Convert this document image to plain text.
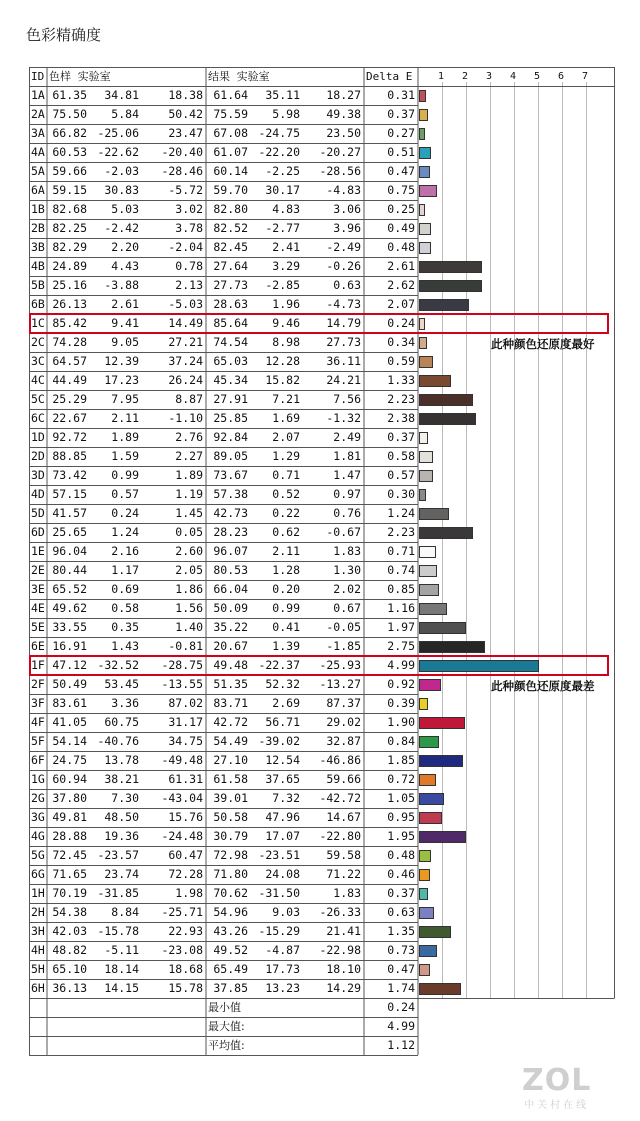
色彩精确度
ID 色样 实验室	结果 实验室	Delta E	1	2	3	4	5	6	7
1A 61.35	34.81	18.38 61.64	35.11	18.27	0.31
2A 75.50	5.84	50.42 75.59	5.98	49.38	0.37
3A 66.82 -25.06	23.47 67.08 -24.75	23.50	0.27
4A 60.53 -22.62	-20.40 61.07 -22.20	-20.27	0.51
5A 59.66	-2.03	-28.46 60.14	-2.25	-28.56	0.47
6A 59.15	30.83	-5.72 59.70	30.17	-4.83	0.75
1B 82.68	5.03	3.02 82.80	4.83	3.06	0.25
2B 82.25	-2.42	3.78 82.52	-2.77	3.96	0.49
3B 82.29	2.20	-2.04 82.45	2.41	-2.49	0.48
4B 24.89	4.43	0.78 27.64	3.29	-0.26	2.61
5B 25.16	-3.88	2.13 27.73	-2.85	0.63	2.62
6B 26.13	2.61	-5.03 28.63	1.96	-4.73	2.07
1C 85.42	9.41	14.49 85.64	9.46	14.79	0.24
2C 74.28	9.05	27.21 74.54	8.98	27.73	0.34
3C 64.57	12.39	37.24 65.03	12.28	36.11	0.59
4C 44.49	17.23	26.24 45.34	15.82	24.21	1.33
5C 25.29	7.95	8.87 27.91	7.21	7.56	2.23
6C 22.67	2.11	-1.10 25.85	1.69	-1.32	2.38
1D 92.72	1.89	2.76 92.84	2.07	2.49	0.37
2D 88.85	1.59	2.27 89.05	1.29	1.81	0.58
3D 73.42	0.99	1.89 73.67	0.71	1.47	0.57
4D 57.15	0.57	1.19 57.38	0.52	0.97	0.30
5D 41.57	0.24	1.45 42.73	0.22	0.76	1.24
6D 25.65	1.24	0.05 28.23	0.62	-0.67	2.23
1E 96.04	2.16	2.60 96.07	2.11	1.83	0.71
2E 80.44	1.17	2.05 80.53	1.28	1.30	0.74
3E 65.52	0.69	1.86 66.04	0.20	2.02	0.85
4E 49.62	0.58	1.56 50.09	0.99	0.67	1.16
5E 33.55	0.35	1.40 35.22	0.41	-0.05	1.97
6E 16.91	1.43	-0.81 20.67	1.39	-1.85	2.75
1F 47.12 -32.52	-28.75 49.48 -22.37	-25.93	4.99
2F 50.49	53.45	-13.55 51.35	52.32	-13.27	0.92
3F 83.61	3.36	87.02 83.71	2.69	87.37	0.39
4F 41.05	60.75	31.17 42.72	56.71	29.02	1.90
5F 54.14 -40.76	34.75 54.49 -39.02	32.87	0.84
6F 24.75	13.78	-49.48 27.10	12.54	-46.86	1.85
1G 60.94	38.21	61.31 61.58	37.65	59.66	0.72
2G 37.80	7.30	-43.04 39.01	7.32	-42.72	1.05
3G 49.81	48.50	15.76 50.58	47.96	14.67	0.95
4G 28.88	19.36	-24.48 30.79	17.07	-22.80	1.95
5G 72.45 -23.57	60.47 72.98 -23.51	59.58	0.48
6G 71.65	23.74	72.28 71.80	24.08	71.22	0.46
1H 70.19 -31.85	1.98 70.62 -31.50	1.83	0.37
2H 54.38	8.84	-25.71 54.96	9.03	-26.33	0.63
3H 42.03 -15.78	22.93 43.26 -15.29	21.41	1.35
4H 48.82	-5.11	-23.08 49.52	-4.87	-22.98	0.73
5H 65.10	18.14	18.68 65.49	17.73	18.10	0.47
6H 36.13	14.15	15.78 37.85	13.23	14.29	1.74
最小值	0.24
最大值:	4.99
平均值:	1.12
ZOL
中关村在线
此种颜色还原度最好
此种颜色还原度最差
